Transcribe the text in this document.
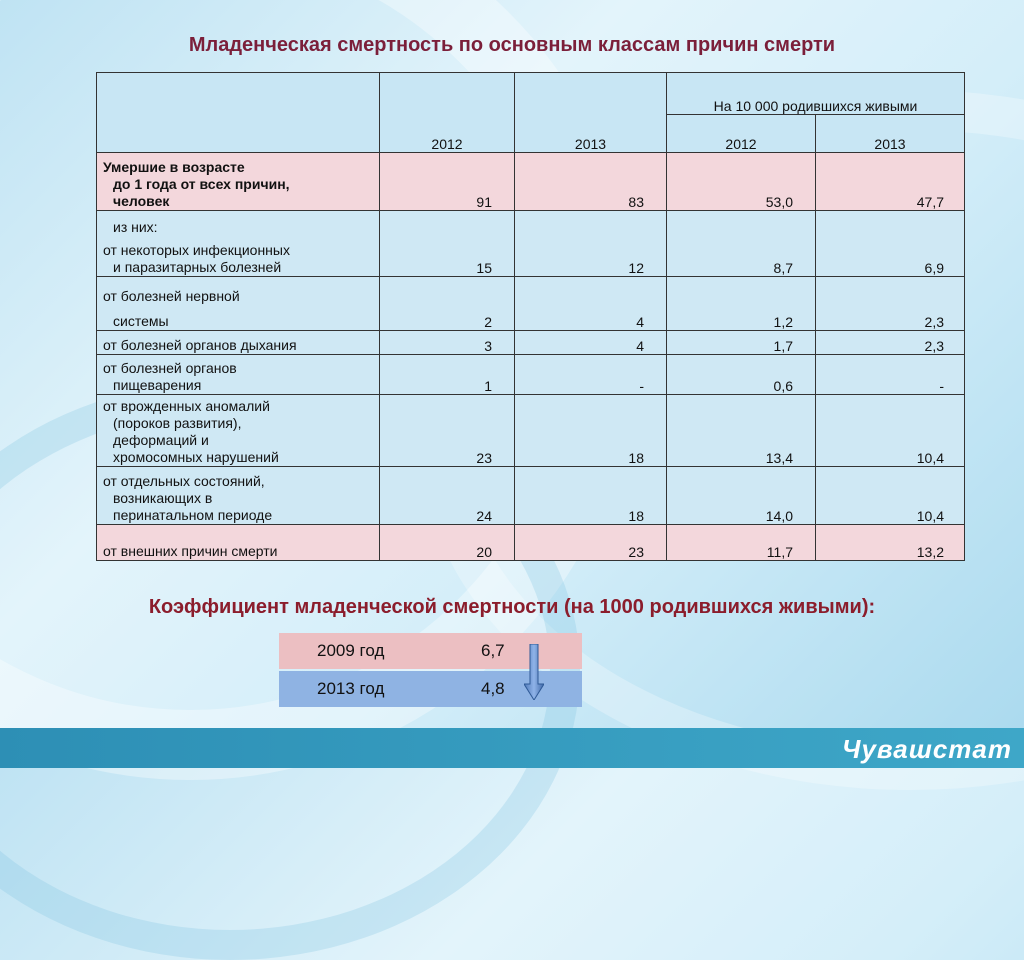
Младенческая смертность по основным классам причин смерти
	2012	2013	На 10 000 родившихся живыми	
			2012	2013

Умершие в возрасте
до 1 года от всех причин,
человек	91	83	53,0	47,7

из них:
от некоторых инфекционных
и паразитарных болезней	15	12	8,7	6,9

от болезней нервной
системы	2	4	1,2	2,3
от болезней органов дыхания	3	4	1,7	2,3

от болезней органов
пищеварения	1	-	0,6	-

от врожденных аномалий
(пороков развития),
деформаций и
хромосомных нарушений	23	18	13,4	10,4

от отдельных состояний,
возникающих в
перинатальном периоде	24	18	14,0	10,4
от внешних причин смерти	20	23	11,7	13,2
Коэффициент младенческой смертности (на 1000 родившихся живыми):
2009 год	6,7
2013 год	4,8
Чувашстат
